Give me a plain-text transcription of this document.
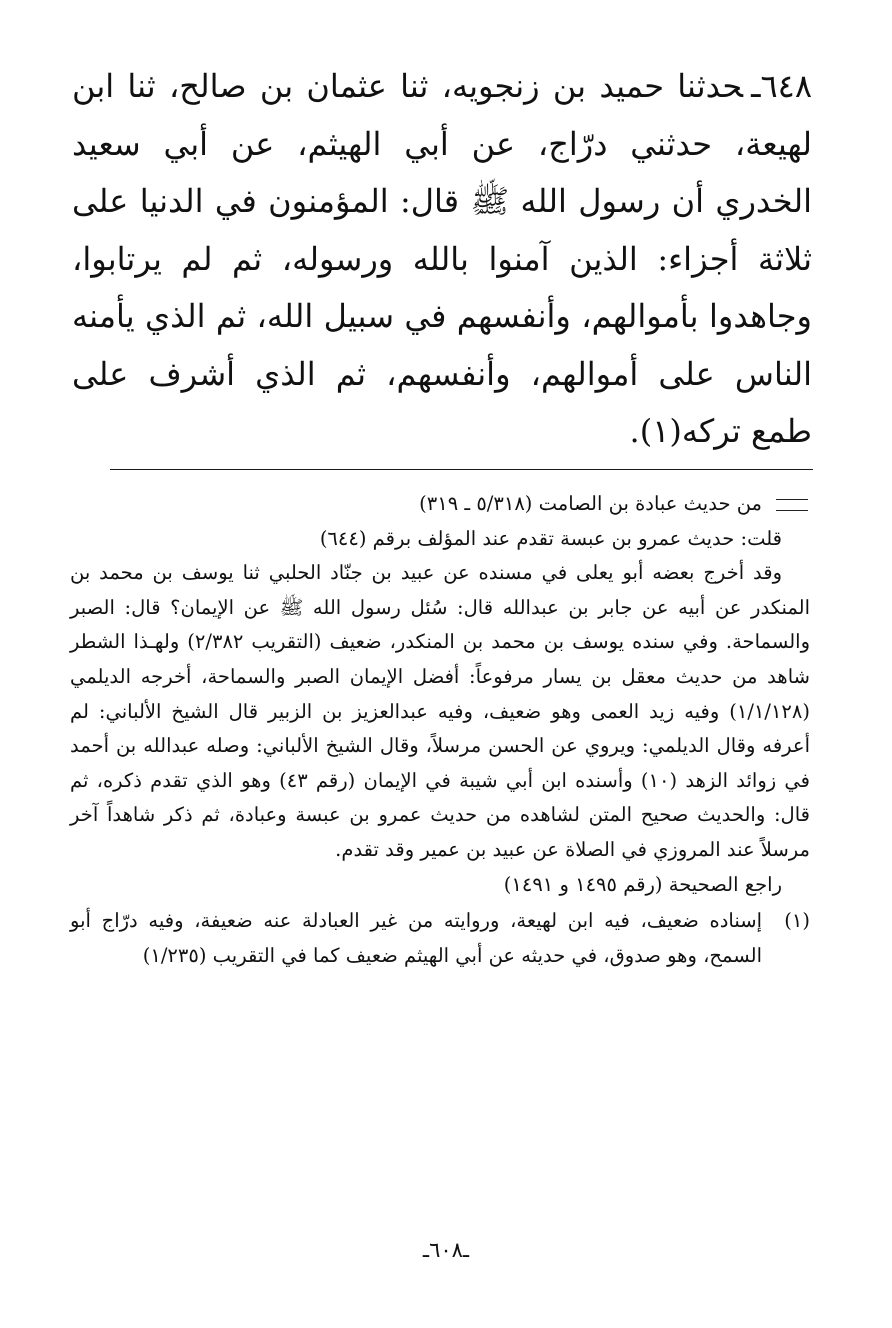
٦٤٨ـحدثنا حميد بن زنجويه، ثنا عثمان بن صالح، ثنا ابن لهيعة، حدثني درّاج، عن أبي الهيثم، عن أبي سعيد الخدري أن رسول الله ﷺ قال: المؤمنون في الدنيا على ثلاثة أجزاء: الذين آمنوا بالله ورسوله، ثم لم يرتابوا، وجاهدوا بأموالهم، وأنفسهم في سبيل الله، ثم الذي يأمنه الناس على أموالهم، وأنفسهم، ثم الذي أشرف على طمع تركه(١).
من حديث عبادة بن الصامت (٥/٣١٨ ـ ٣١٩)
قلت: حديث عمرو بن عبسة تقدم عند المؤلف برقم (٦٤٤)
وقد أخرج بعضه أبو يعلى في مسنده عن عبيد بن جنّاد الحلبي ثنا يوسف بن محمد بن المنكدر عن أبيه عن جابر بن عبدالله قال: سُئل رسول الله ﷺ عن الإيمان؟ قال: الصبر والسماحة. وفي سنده يوسف بن محمد بن المنكدر، ضعيف (التقريب ٢/٣٨٢) ولهـذا الشطر شاهد من حديث معقل بن يسار مرفوعاً: أفضل الإيمان الصبر والسماحة، أخرجه الديلمي (١/١/١٢٨) وفيه زيد العمى وهو ضعيف، وفيه عبدالعزيز بن الزبير قال الشيخ الألباني: لم أعرفه وقال الديلمي: ويروي عن الحسن مرسلاً، وقال الشيخ الألباني: وصله عبدالله بن أحمد في زوائد الزهد (١٠) وأسنده ابن أبي شيبة في الإيمان (رقم ٤٣) وهو الذي تقدم ذكره، ثم قال: والحديث صحيح المتن لشاهده من حديث عمرو بن عبسة وعبادة، ثم ذكر شاهداً آخر مرسلاً عند المروزي في الصلاة عن عبيد بن عمير وقد تقدم.
راجع الصحيحة (رقم ١٤٩٥ و ١٤٩١)
(١)إسناده ضعيف، فيه ابن لهيعة، وروايته من غير العبادلة عنه ضعيفة، وفيه درّاج أبو السمح، وهو صدوق، في حديثه عن أبي الهيثم ضعيف كما في التقريب (١/٢٣٥)
ـ٦٠٨ـ
